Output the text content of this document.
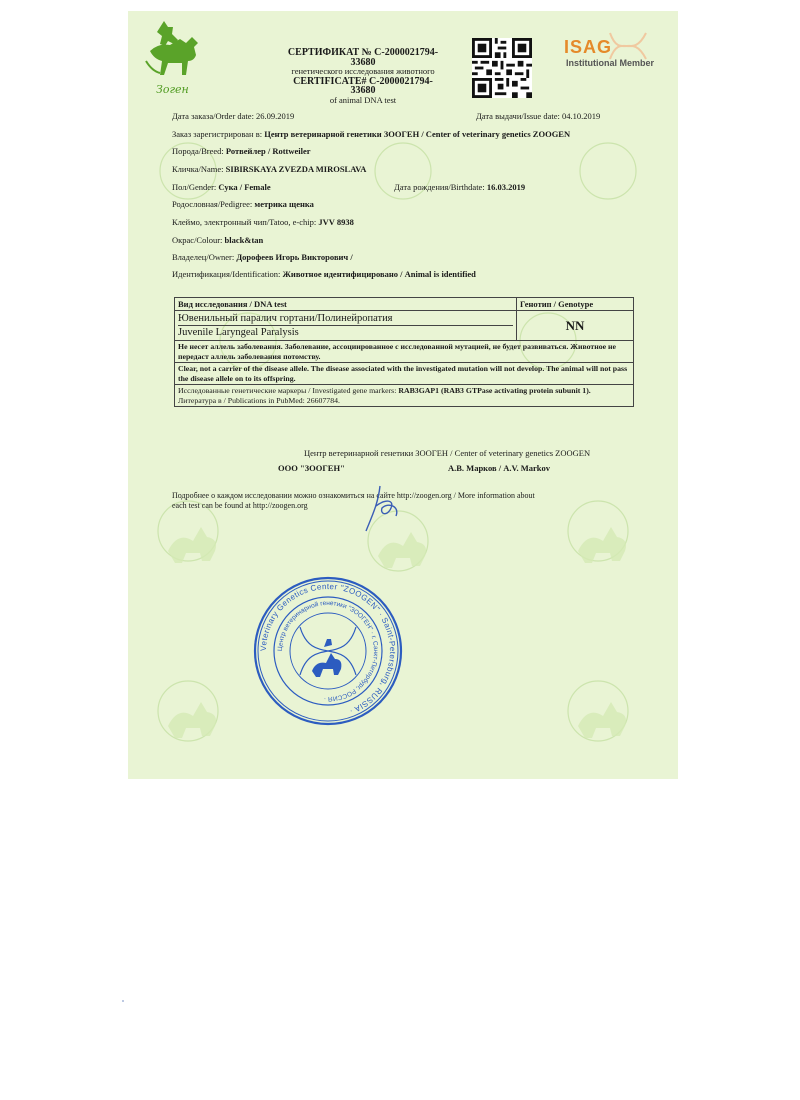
Зоген
СЕРТИФИКАТ № C-2000021794-33680
генетического исследования животного
CERTIFICATE# C-2000021794-33680
of animal DNA test
ISAG
Institutional Member
Дата заказа/Order date: 26.09.2019	Дата выдачи/Issue date: 04.10.2019
Заказ зарегистрирован в: Центр ветеринарной генетики ЗООГЕН / Center of veterinary genetics ZOOGEN
Порода/Breed: Ротвейлер / Rottweiler
Кличка/Name: SIBIRSKAYA ZVEZDA MIROSLAVA
Пол/Gender: Сука / Female	Дата рождения/Birthdate: 16.03.2019
Родословная/Pedigree: метрика щенка
Клеймо, электронный чип/Tatoo, e-chip: JVV 8938
Окрас/Colour: black&tan
Владелец/Owner: Дорофеев Игорь Викторович /
Идентификация/Identification: Животное идентифицировано / Animal is identified
Вид исследования / DNA test	Генотип / Genotype

Ювенильный паралич гортани/Полинейропатия
Juvenile Laryngeal Paralysis	NN
Не несет аллель заболевания. Заболевание, ассоциированное с исследованной мутацией, не будет развиваться. Животное не передаст аллель заболевания потомству.	
Clear, not a carrier of the disease allele. The disease associated with the investigated mutation will not develop. The animal will not pass the disease allele on to its offspring.	
Исследованные генетические маркеры / Investigated gene markers: RAB3GAP1 (RAB3 GTPase activating protein subunit 1). Литература в / Publications in PubMed: 26607784.	
Центр ветеринарной генетики ЗООГЕН / Center of veterinary genetics ZOOGEN
ООО "ЗООГЕН"	А.В. Марков / A.V. Markov
Подробнее о каждом исследовании можно ознакомиться на сайте http://zoogen.org / More information about
each test can be found at http://zoogen.org
Veterinary Genetics Center "ZOOGEN" · Saint-Petersburg, RUSSIA ·
Центр ветеринарной генетики "ЗООГЕН" · г. Санкт-Петербург, РОССИЯ ·
